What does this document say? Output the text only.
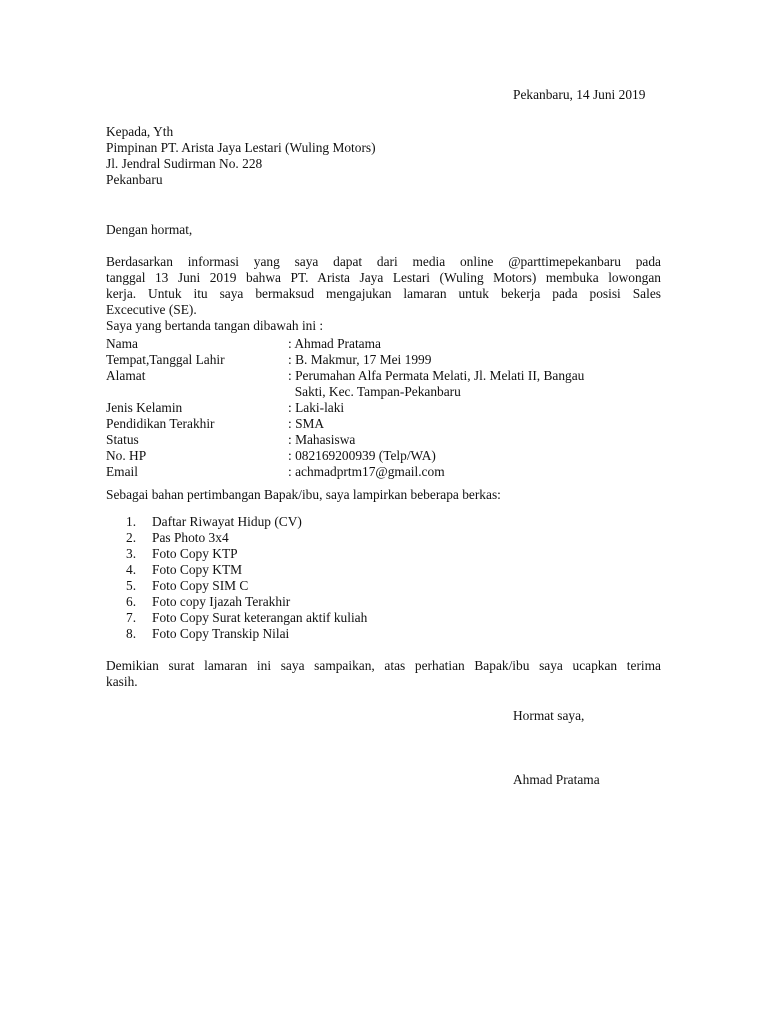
Pekanbaru, 14 Juni 2019
Kepada, Yth
Pimpinan PT. Arista Jaya Lestari (Wuling Motors)
Jl. Jendral Sudirman No. 228
Pekanbaru
Dengan hormat,
Berdasarkan informasi yang saya dapat dari media online @parttimepekanbaru pada
tanggal 13 Juni 2019 bahwa PT. Arista Jaya Lestari (Wuling Motors) membuka lowongan
kerja. Untuk itu saya bermaksud mengajukan lamaran untuk bekerja pada posisi Sales
Excecutive (SE).
Saya yang bertanda tangan dibawah ini :
Nama	: Ahmad Pratama
Tempat,Tanggal Lahir	: B. Makmur, 17 Mei 1999
Alamat	: Perumahan Alfa Permata Melati, Jl. Melati II, Bangau
Sakti, Kec. Tampan-Pekanbaru
Jenis Kelamin	: Laki-laki
Pendidikan Terakhir	: SMA
Status	: Mahasiswa
No. HP	: 082169200939 (Telp/WA)
Email	: achmadprtm17@gmail.com
Sebagai bahan pertimbangan Bapak/ibu, saya lampirkan beberapa berkas:
1.	Daftar Riwayat Hidup (CV)
2.	Pas Photo 3x4
3.	Foto Copy KTP
4.	Foto Copy KTM
5.	Foto Copy SIM C
6.	Foto copy Ijazah Terakhir
7.	Foto Copy Surat keterangan aktif kuliah
8.	Foto Copy Transkip Nilai
Demikian surat lamaran ini saya sampaikan, atas perhatian Bapak/ibu saya ucapkan terima
kasih.
Hormat saya,
Ahmad Pratama
